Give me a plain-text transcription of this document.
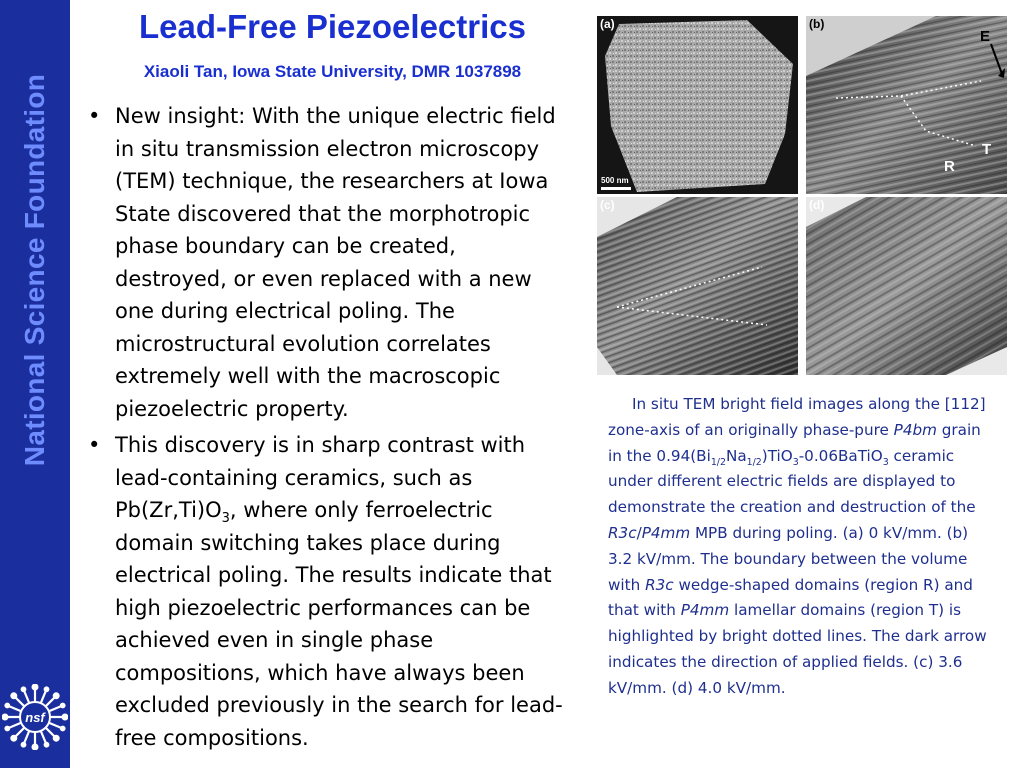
National Science Foundation
nsf
Lead-Free Piezoelectrics
Xiaoli Tan, Iowa State University, DMR 1037898
• New insight: With the unique electric field in situ transmission electron microscopy (TEM) technique, the researchers at Iowa State discovered that the morphotropic phase boundary can be created, destroyed, or even replaced with a new one during electrical poling. The microstructural evolution correlates extremely well with the macroscopic piezoelectric property.
• This discovery is in sharp contrast with lead-containing ceramics, such as $Pb(Zr,Ti)O_3$, where only ferroelectric domain switching takes place during electrical poling. The results indicate that high piezoelectric performances can be achieved even in single phase compositions, which have always been excluded previously in the search for lead-free compositions.
(a)
500 nm
(b)
E
T
R
(c)	(d)

In situ TEM bright field images along the [112] zone-axis of an originally phase-pure P4bm grain in the $0.94(Bi_{1/2}Na_{1/2})TiO_3-0.06BaTiO_3$ ceramic under different electric fields are displayed to demonstrate the creation and destruction of the R3c/P4mm MPB during poling. (a) 0 kV/mm. (b) 3.2 kV/mm. The boundary between the volume with R3c wedge-shaped domains (region R) and that with P4mm lamellar domains (region T) is highlighted by bright dotted lines. The dark arrow indicates the direction of applied fields. (c) 3.6 kV/mm. (d) 4.0 kV/mm.
